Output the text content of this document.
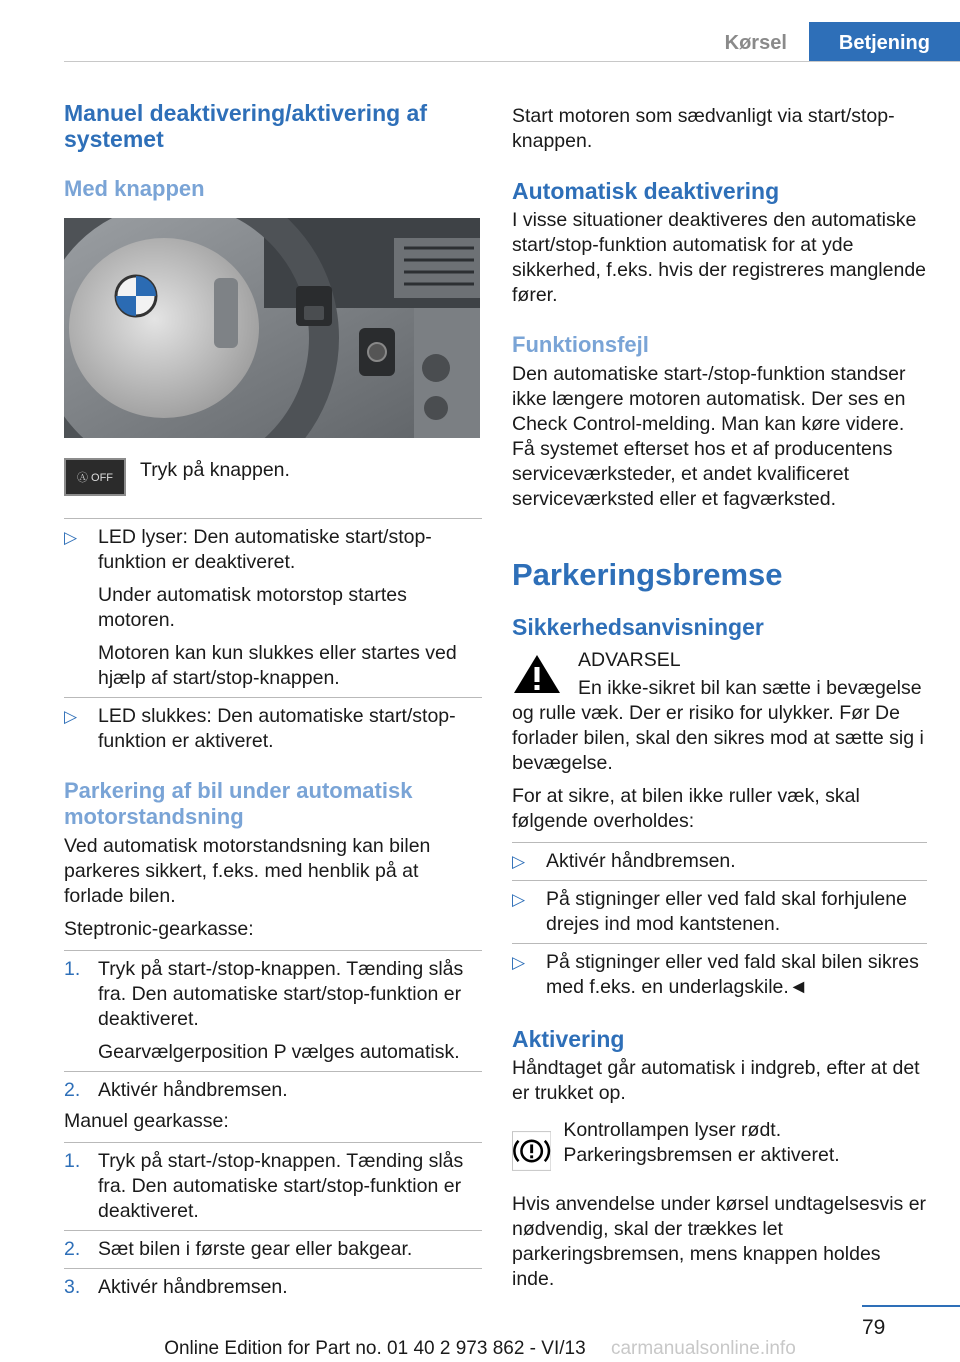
Kørsel	Betjening
Manuel deaktivering/aktivering af systemet
Med knappen
Ⓐ OFF	Tryk på knappen.

▷ LED lyser: Den automatiske start/stop-funktion er deaktiveret.

Under automatisk motorstop startes motoren.

Motoren kan kun slukkes eller startes ved hjælp af start/stop-knappen.

▷ LED slukkes: Den automatiske start/stop-funktion er aktiveret.

Parkering af bil under automatisk motorstandsning

Ved automatisk motorstandsning kan bilen parkeres sikkert, f.eks. med henblik på at forlade bilen.

Steptronic-gearkasse:

1. Tryk på start-/stop-knappen. Tænding slås fra. Den automatiske start/stop-funktion er deaktiveret.

Gearvælgerposition P vælges automatisk.

2. Aktivér håndbremsen.

Manuel gearkasse:

1. Tryk på start-/stop-knappen. Tænding slås fra. Den automatiske start/stop-funktion er deaktiveret.

2. Sæt bilen i første gear eller bakgear.

3. Aktivér håndbremsen.

Start motoren som sædvanligt via start/stop-knappen.

Automatisk deaktivering

I visse situationer deaktiveres den automatiske start/stop-funktion automatisk for at yde sikkerhed, f.eks. hvis der registreres manglende fører.

Funktionsfejl

Den automatiske start-/stop-funktion standser ikke længere motoren automatisk. Der ses en Check Control-melding. Man kan køre videre. Få systemet efterset hos et af producentens serviceværksteder, et andet kvalificeret serviceværksted eller et fagværksted.

Parkeringsbremse
Sikkerhedsanvisninger

ADVARSEL

En ikke-sikret bil kan sætte i bevægelse og rulle væk. Der er risiko for ulykker. Før De forlader bilen, skal den sikres mod at sætte sig i bevægelse.

For at sikre, at bilen ikke ruller væk, skal følgende overholdes:

▷ Aktivér håndbremsen.

▷ På stigninger eller ved fald skal forhjulene drejes ind mod kantstenen.

▷ På stigninger eller ved fald skal bilen sikres med f.eks. en underlagskile.◄

Aktivering

Håndtaget går automatisk i indgreb, efter at det er trukket op.

Kontrollampen lyser rødt. Parkeringsbremsen er aktiveret.

Hvis anvendelse under kørsel undtagelsesvis er nødvendig, skal der trækkes let parkeringsbremsen, mens knappen holdes inde.

79
Online Edition for Part no. 01 40 2 973 862 - VI/13 carmanualsonline.info
